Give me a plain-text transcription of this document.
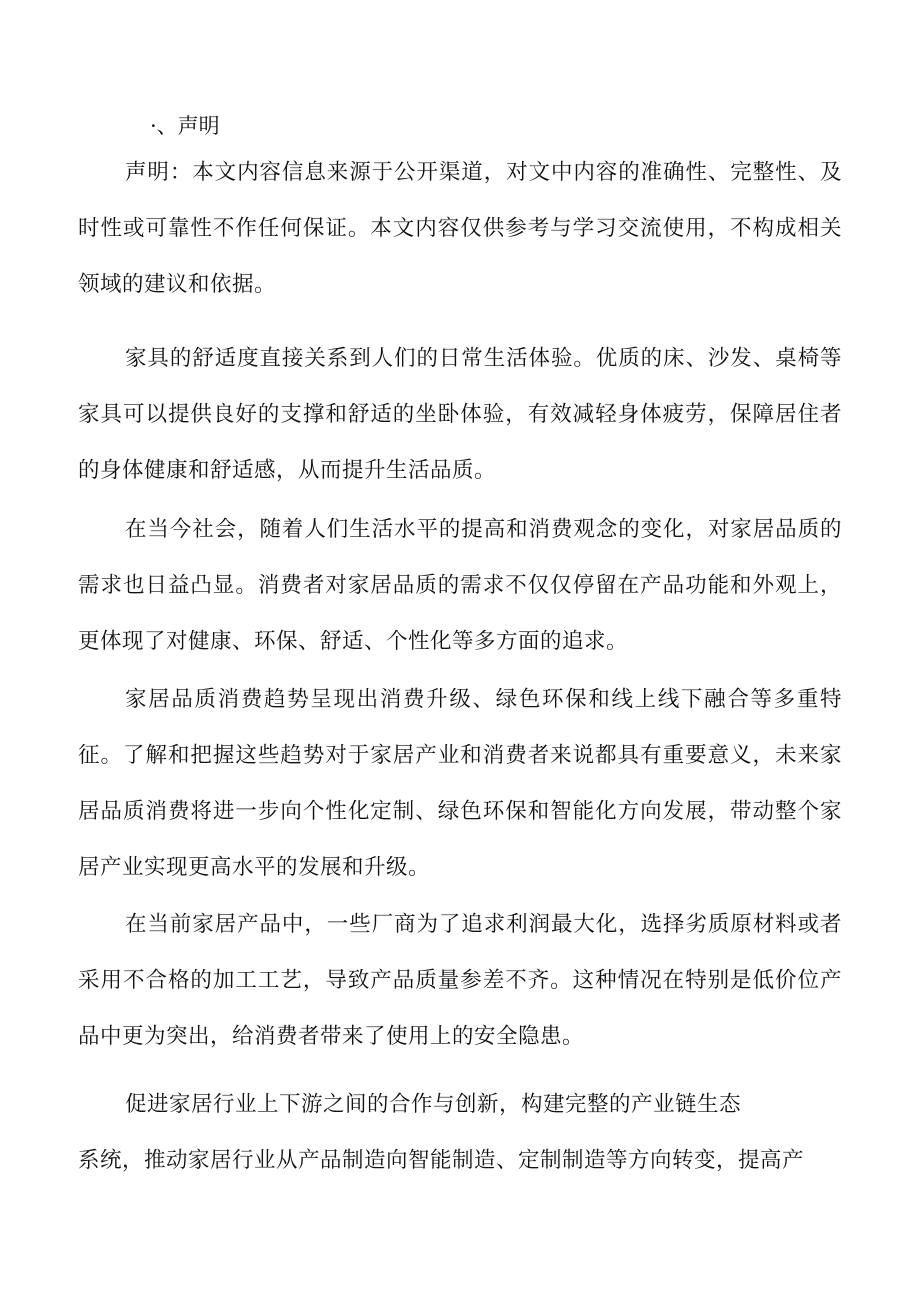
·、声明

声明：本文内容信息来源于公开渠道，对文中内容的准确性、完整性、及时性或可靠性不作任何保证。本文内容仅供参考与学习交流使用，不构成相关领域的建议和依据。

家具的舒适度直接关系到人们的日常生活体验。优质的床、沙发、桌椅等家具可以提供良好的支撑和舒适的坐卧体验，有效减轻身体疲劳，保障居住者的身体健康和舒适感，从而提升生活品质。

在当今社会，随着人们生活水平的提高和消费观念的变化，对家居品质的需求也日益凸显。消费者对家居品质的需求不仅仅停留在产品功能和外观上，更体现了对健康、环保、舒适、个性化等多方面的追求。

家居品质消费趋势呈现出消费升级、绿色环保和线上线下融合等多重特征。了解和把握这些趋势对于家居产业和消费者来说都具有重要意义，未来家居品质消费将进一步向个性化定制、绿色环保和智能化方向发展，带动整个家居产业实现更高水平的发展和升级。

在当前家居产品中，一些厂商为了追求利润最大化，选择劣质原材料或者采用不合格的加工工艺，导致产品质量参差不齐。这种情况在特别是低价位产品中更为突出，给消费者带来了使用上的安全隐患。

促进家居行业上下游之间的合作与创新，构建完整的产业链生态
系统，推动家居行业从产品制造向智能制造、定制制造等方向转变，提高产
